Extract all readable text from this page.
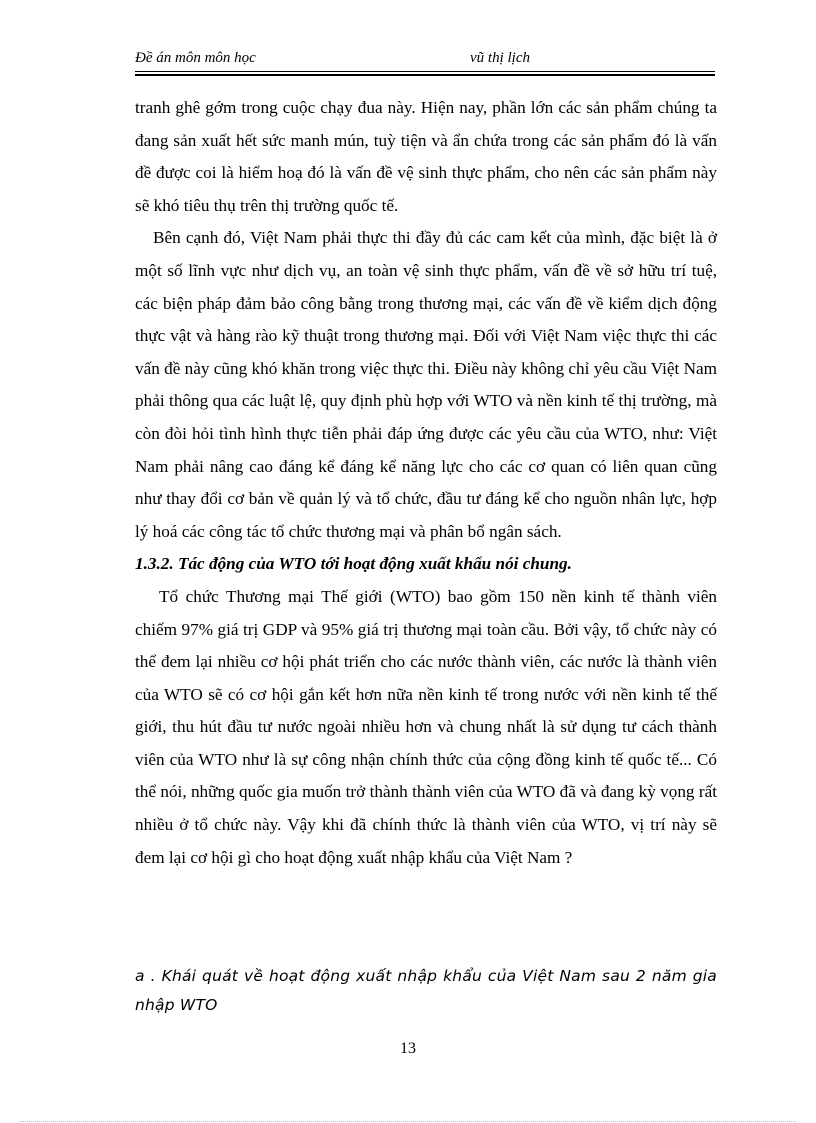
Đề án môn môn học	vũ thị lịch

tranh ghê gớm trong cuộc chạy đua này. Hiện nay, phần lớn các sản phẩm chúng ta đang sản xuất hết sức manh mún, tuỳ tiện và ẩn chứa trong các sản phẩm đó là vấn đề được coi là hiểm hoạ đó là vấn đề vệ sinh thực phẩm, cho nên các sản phẩm này sẽ khó tiêu thụ trên thị trường quốc tế.

Bên cạnh đó, Việt Nam phải thực thi đầy đủ các cam kết của mình, đặc biệt là ở một số lĩnh vực như dịch vụ, an toàn vệ sinh thực phẩm, vấn đề về sở hữu trí tuệ, các biện pháp đảm bảo công bằng trong thương mại, các vấn đề về kiểm dịch động thực vật và hàng rào kỹ thuật trong thương mại. Đối với Việt Nam việc thực thi các vấn đề này cũng khó khăn trong việc thực thi. Điều này không chỉ yêu cầu Việt Nam phải thông qua các luật lệ, quy định phù hợp với WTO và nền kinh tế thị trường, mà còn đòi hỏi tình hình thực tiễn phải đáp ứng được các yêu cầu của WTO, như: Việt Nam phải nâng cao đáng kể đáng kể năng lực cho các cơ quan có liên quan cũng như thay đổi cơ bản về quản lý và tổ chức, đầu tư đáng kể cho nguồn nhân lực, hợp lý hoá các công tác tổ chức thương mại và phân bổ ngân sách.

1.3.2. Tác động của WTO tới hoạt động xuất khẩu nói chung.

Tổ chức Thương mại Thế giới (WTO) bao gồm 150 nền kinh tế thành viên chiếm 97% giá trị GDP và 95% giá trị thương mại toàn cầu. Bởi vậy, tổ chức này có thể đem lại nhiều cơ hội phát triển cho các nước thành viên, các nước là thành viên của WTO sẽ có cơ hội gắn kết hơn nữa nền kinh tế trong nước với nền kinh tế thế giới, thu hút đầu tư nước ngoài nhiều hơn và chung nhất là sử dụng tư cách thành viên của WTO như là sự công nhận chính thức của cộng đồng kinh tế quốc tế... Có thể nói, những quốc gia muốn trở thành thành viên của WTO đã và đang kỳ vọng rất nhiều ở tổ chức này. Vậy khi đã chính thức là thành viên của WTO, vị trí này sẽ đem lại cơ hội gì cho hoạt động xuất nhập khẩu của Việt Nam ?

a . Khái quát về hoạt động xuất nhập khẩu của Việt Nam sau 2 năm gia nhập WTO
13
